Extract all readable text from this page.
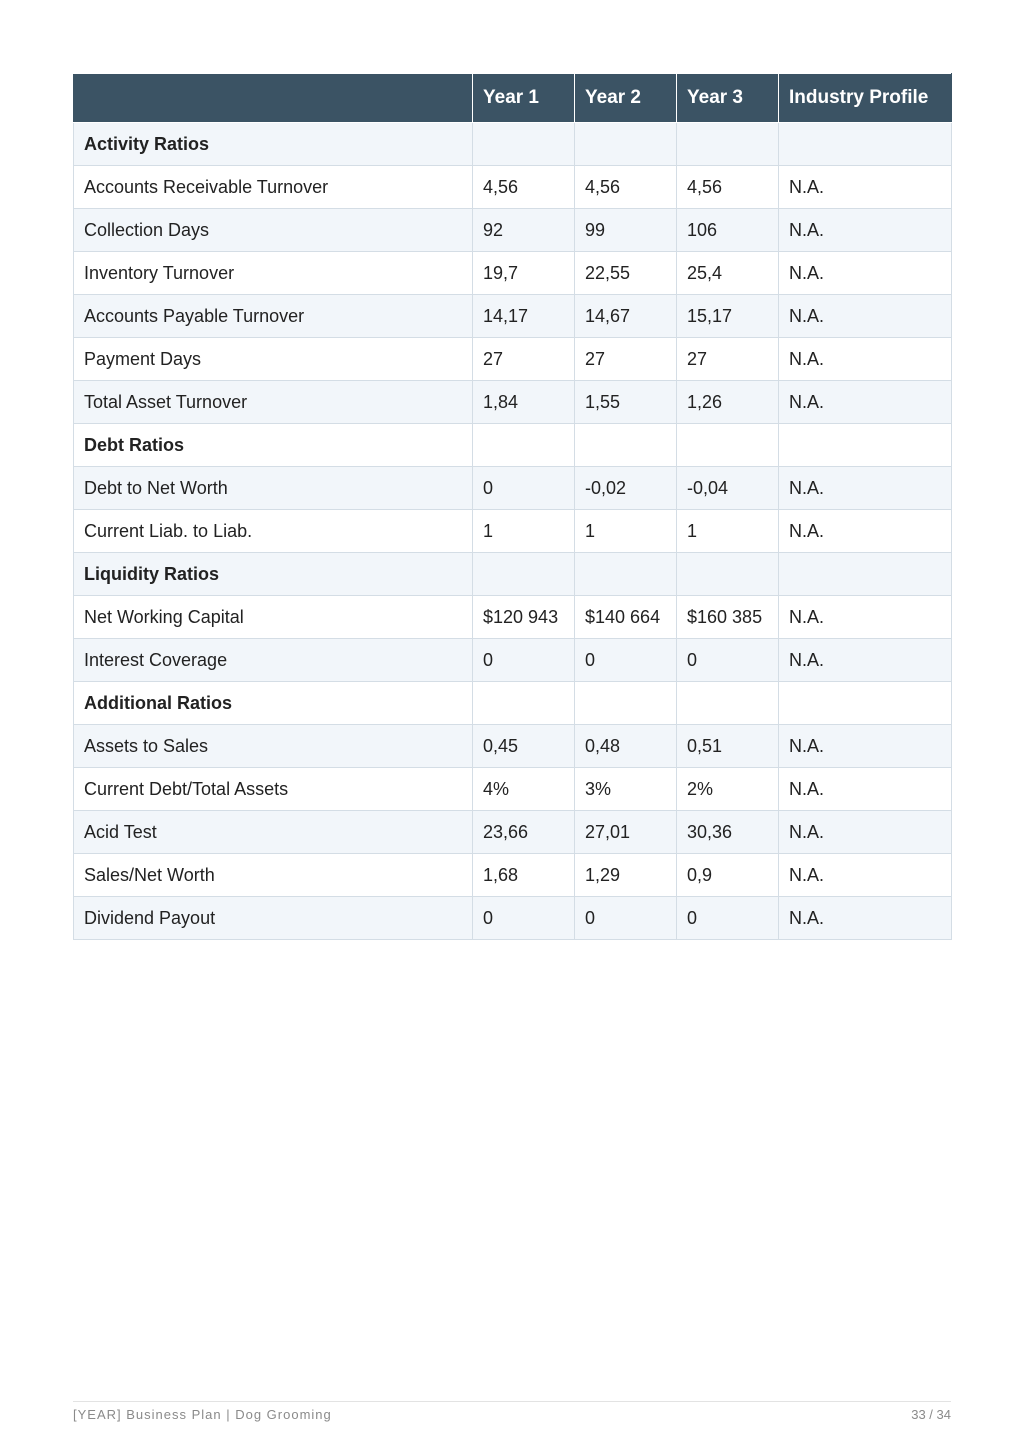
	Year 1	Year 2	Year 3	Industry Profile
Activity Ratios				
Accounts Receivable Turnover	4,56	4,56	4,56	N.A.
Collection Days	92	99	106	N.A.
Inventory Turnover	19,7	22,55	25,4	N.A.
Accounts Payable Turnover	14,17	14,67	15,17	N.A.
Payment Days	27	27	27	N.A.
Total Asset Turnover	1,84	1,55	1,26	N.A.
Debt Ratios				
Debt to Net Worth	0	-0,02	-0,04	N.A.
Current Liab. to Liab.	1	1	1	N.A.
Liquidity Ratios				
Net Working Capital	$120 943	$140 664	$160 385	N.A.
Interest Coverage	0	0	0	N.A.
Additional Ratios				
Assets to Sales	0,45	0,48	0,51	N.A.
Current Debt/Total Assets	4%	3%	2%	N.A.
Acid Test	23,66	27,01	30,36	N.A.
Sales/Net Worth	1,68	1,29	0,9	N.A.
Dividend Payout	0	0	0	N.A.
[YEAR] Business Plan | Dog Grooming	33 / 34
